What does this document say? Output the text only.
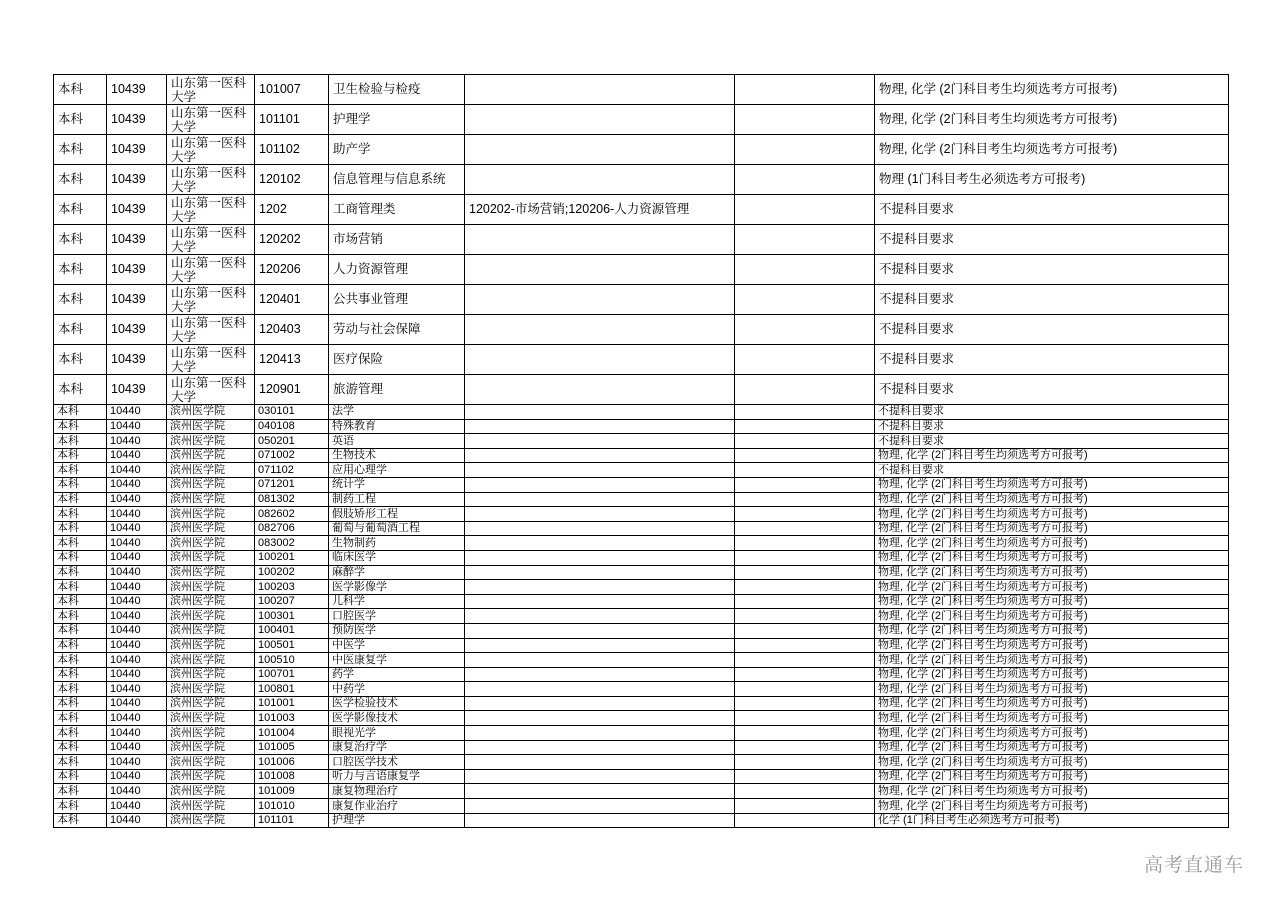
本科	10439	山东第一医科大学	101007	卫生检验与检疫			物理, 化学 (2门科目考生均须选考方可报考)
本科	10439	山东第一医科大学	101101	护理学			物理, 化学 (2门科目考生均须选考方可报考)
本科	10439	山东第一医科大学	101102	助产学			物理, 化学 (2门科目考生均须选考方可报考)
本科	10439	山东第一医科大学	120102	信息管理与信息系统			物理 (1门科目考生必须选考方可报考)
本科	10439	山东第一医科大学	1202	工商管理类	120202-市场营销;120206-人力资源管理		不提科目要求
本科	10439	山东第一医科大学	120202	市场营销			不提科目要求
本科	10439	山东第一医科大学	120206	人力资源管理			不提科目要求
本科	10439	山东第一医科大学	120401	公共事业管理			不提科目要求
本科	10439	山东第一医科大学	120403	劳动与社会保障			不提科目要求
本科	10439	山东第一医科大学	120413	医疗保险			不提科目要求
本科	10439	山东第一医科大学	120901	旅游管理			不提科目要求
本科	10440	滨州医学院	030101	法学			不提科目要求
本科	10440	滨州医学院	040108	特殊教育			不提科目要求
本科	10440	滨州医学院	050201	英语			不提科目要求
本科	10440	滨州医学院	071002	生物技术			物理, 化学 (2门科目考生均须选考方可报考)
本科	10440	滨州医学院	071102	应用心理学			不提科目要求
本科	10440	滨州医学院	071201	统计学			物理, 化学 (2门科目考生均须选考方可报考)
本科	10440	滨州医学院	081302	制药工程			物理, 化学 (2门科目考生均须选考方可报考)
本科	10440	滨州医学院	082602	假肢矫形工程			物理, 化学 (2门科目考生均须选考方可报考)
本科	10440	滨州医学院	082706	葡萄与葡萄酒工程			物理, 化学 (2门科目考生均须选考方可报考)
本科	10440	滨州医学院	083002	生物制药			物理, 化学 (2门科目考生均须选考方可报考)
本科	10440	滨州医学院	100201	临床医学			物理, 化学 (2门科目考生均须选考方可报考)
本科	10440	滨州医学院	100202	麻醉学			物理, 化学 (2门科目考生均须选考方可报考)
本科	10440	滨州医学院	100203	医学影像学			物理, 化学 (2门科目考生均须选考方可报考)
本科	10440	滨州医学院	100207	儿科学			物理, 化学 (2门科目考生均须选考方可报考)
本科	10440	滨州医学院	100301	口腔医学			物理, 化学 (2门科目考生均须选考方可报考)
本科	10440	滨州医学院	100401	预防医学			物理, 化学 (2门科目考生均须选考方可报考)
本科	10440	滨州医学院	100501	中医学			物理, 化学 (2门科目考生均须选考方可报考)
本科	10440	滨州医学院	100510	中医康复学			物理, 化学 (2门科目考生均须选考方可报考)
本科	10440	滨州医学院	100701	药学			物理, 化学 (2门科目考生均须选考方可报考)
本科	10440	滨州医学院	100801	中药学			物理, 化学 (2门科目考生均须选考方可报考)
本科	10440	滨州医学院	101001	医学检验技术			物理, 化学 (2门科目考生均须选考方可报考)
本科	10440	滨州医学院	101003	医学影像技术			物理, 化学 (2门科目考生均须选考方可报考)
本科	10440	滨州医学院	101004	眼视光学			物理, 化学 (2门科目考生均须选考方可报考)
本科	10440	滨州医学院	101005	康复治疗学			物理, 化学 (2门科目考生均须选考方可报考)
本科	10440	滨州医学院	101006	口腔医学技术			物理, 化学 (2门科目考生均须选考方可报考)
本科	10440	滨州医学院	101008	听力与言语康复学			物理, 化学 (2门科目考生均须选考方可报考)
本科	10440	滨州医学院	101009	康复物理治疗			物理, 化学 (2门科目考生均须选考方可报考)
本科	10440	滨州医学院	101010	康复作业治疗			物理, 化学 (2门科目考生均须选考方可报考)
本科	10440	滨州医学院	101101	护理学			化学 (1门科目考生必须选考方可报考)
高考直通车
